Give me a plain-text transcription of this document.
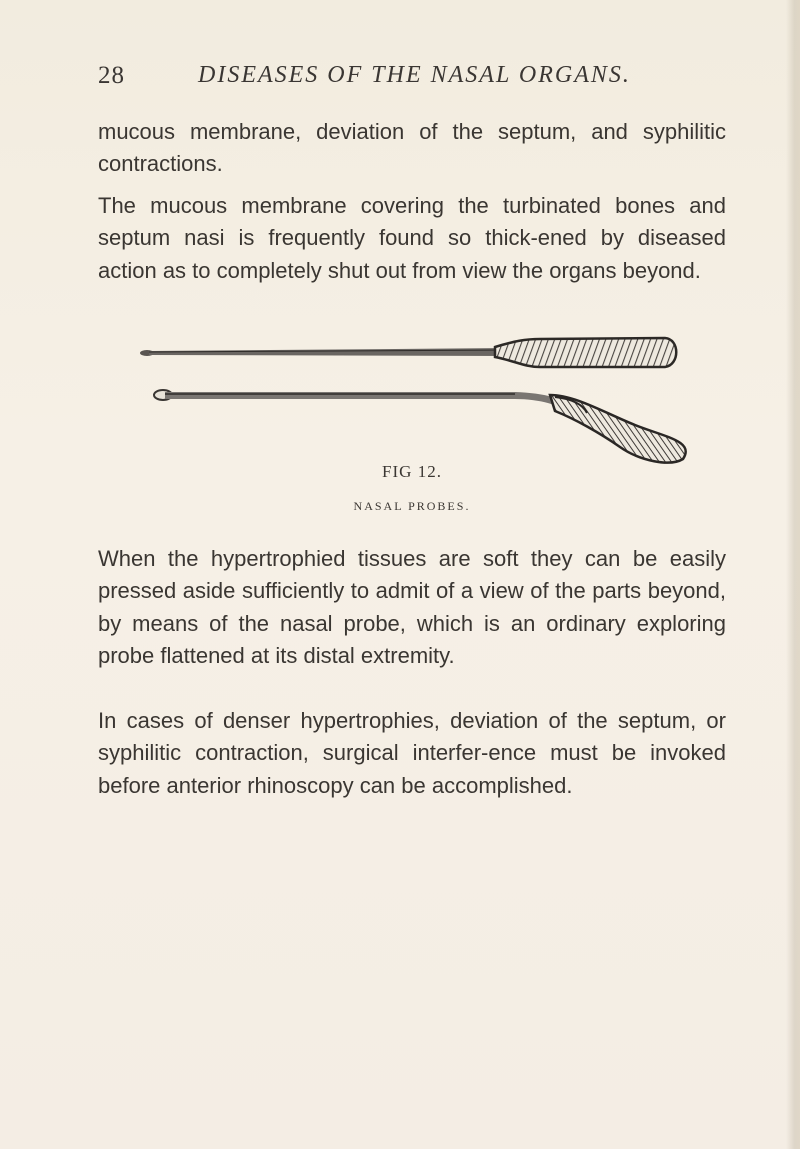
28	DISEASES OF THE NASAL ORGANS.

mucous membrane, deviation of the septum, and syphilitic contractions.

The mucous membrane covering the turbinated bones and septum nasi is frequently found so thick-ened by diseased action as to completely shut out from view the organs beyond.

FIG 12.
NASAL PROBES.

When the hypertrophied tissues are soft they can be easily pressed aside sufficiently to admit of a view of the parts beyond, by means of the nasal probe, which is an ordinary exploring probe flattened at its distal extremity.

In cases of denser hypertrophies, deviation of the septum, or syphilitic contraction, surgical interfer-ence must be invoked before anterior rhinoscopy can be accomplished.
